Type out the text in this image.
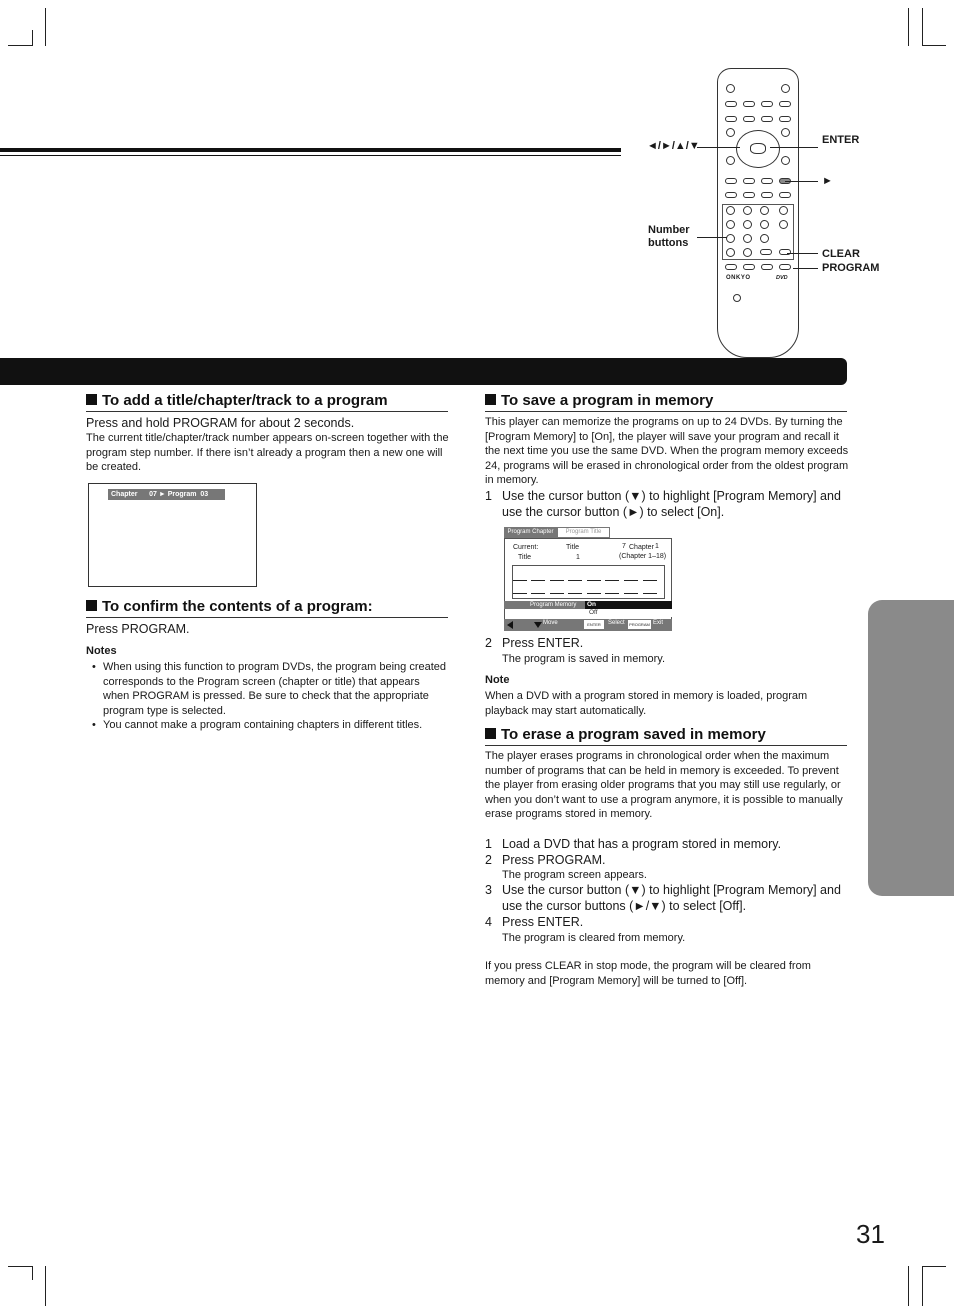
ONKYO	DVD
◄/►/▲/▼	ENTER
►
Number
buttons
CLEAR
PROGRAM
To add a title/chapter/track to a program
Press and hold PROGRAM for about 2 seconds.
The current title/chapter/track number appears on-screen together with the program step number. If there isn’t already a program then a new one will be created.
Chapter      07 ► Program  03
To confirm the contents of a program:
Press PROGRAM.
Notes
• When using this function to program DVDs, the program being created corresponds to the Program screen (chapter or title) that appears when PROGRAM is pressed. Be sure to check that the appropriate program type is selected.
• You cannot make a program containing chapters in different titles.
To save a program in memory
This player can memorize the programs on up to 24 DVDs. By turning the [Program Memory] to [On], the player will save your program and recall it the next time you use the same DVD. When the program memory exceeds 24, programs will be erased in chronological order from the oldest program in memory.
1 Use the cursor button (▼) to highlight [Program Memory] and use the cursor button (►) to select [On].
Program Chapter	Program Title
Current:
Title
Title
1
7 Chapter 1
(Chapter 1–18)
Program Memory	On
Off
Move	ENTER	Select PROGRAM Exit
2 Press ENTER.
The program is saved in memory.
Note
When a DVD with a program stored in memory is loaded, program playback may start automatically.
To erase a program saved in memory
The player erases programs in chronological order when the maximum number of programs that can be held in memory is exceeded. To prevent the player from erasing older programs that you may still use regularly, or when you don’t want to use a program anymore, it is possible to manually erase programs stored in memory.
1 Load a DVD that has a program stored in memory.
2 Press PROGRAM.
The program screen appears.
3 Use the cursor button (▼) to highlight [Program Memory] and use the cursor buttons (►/▼) to select [Off].
4 Press ENTER.
The program is cleared from memory.
If you press CLEAR in stop mode, the program will be cleared from memory and [Program Memory] will be turned to [Off].
31
